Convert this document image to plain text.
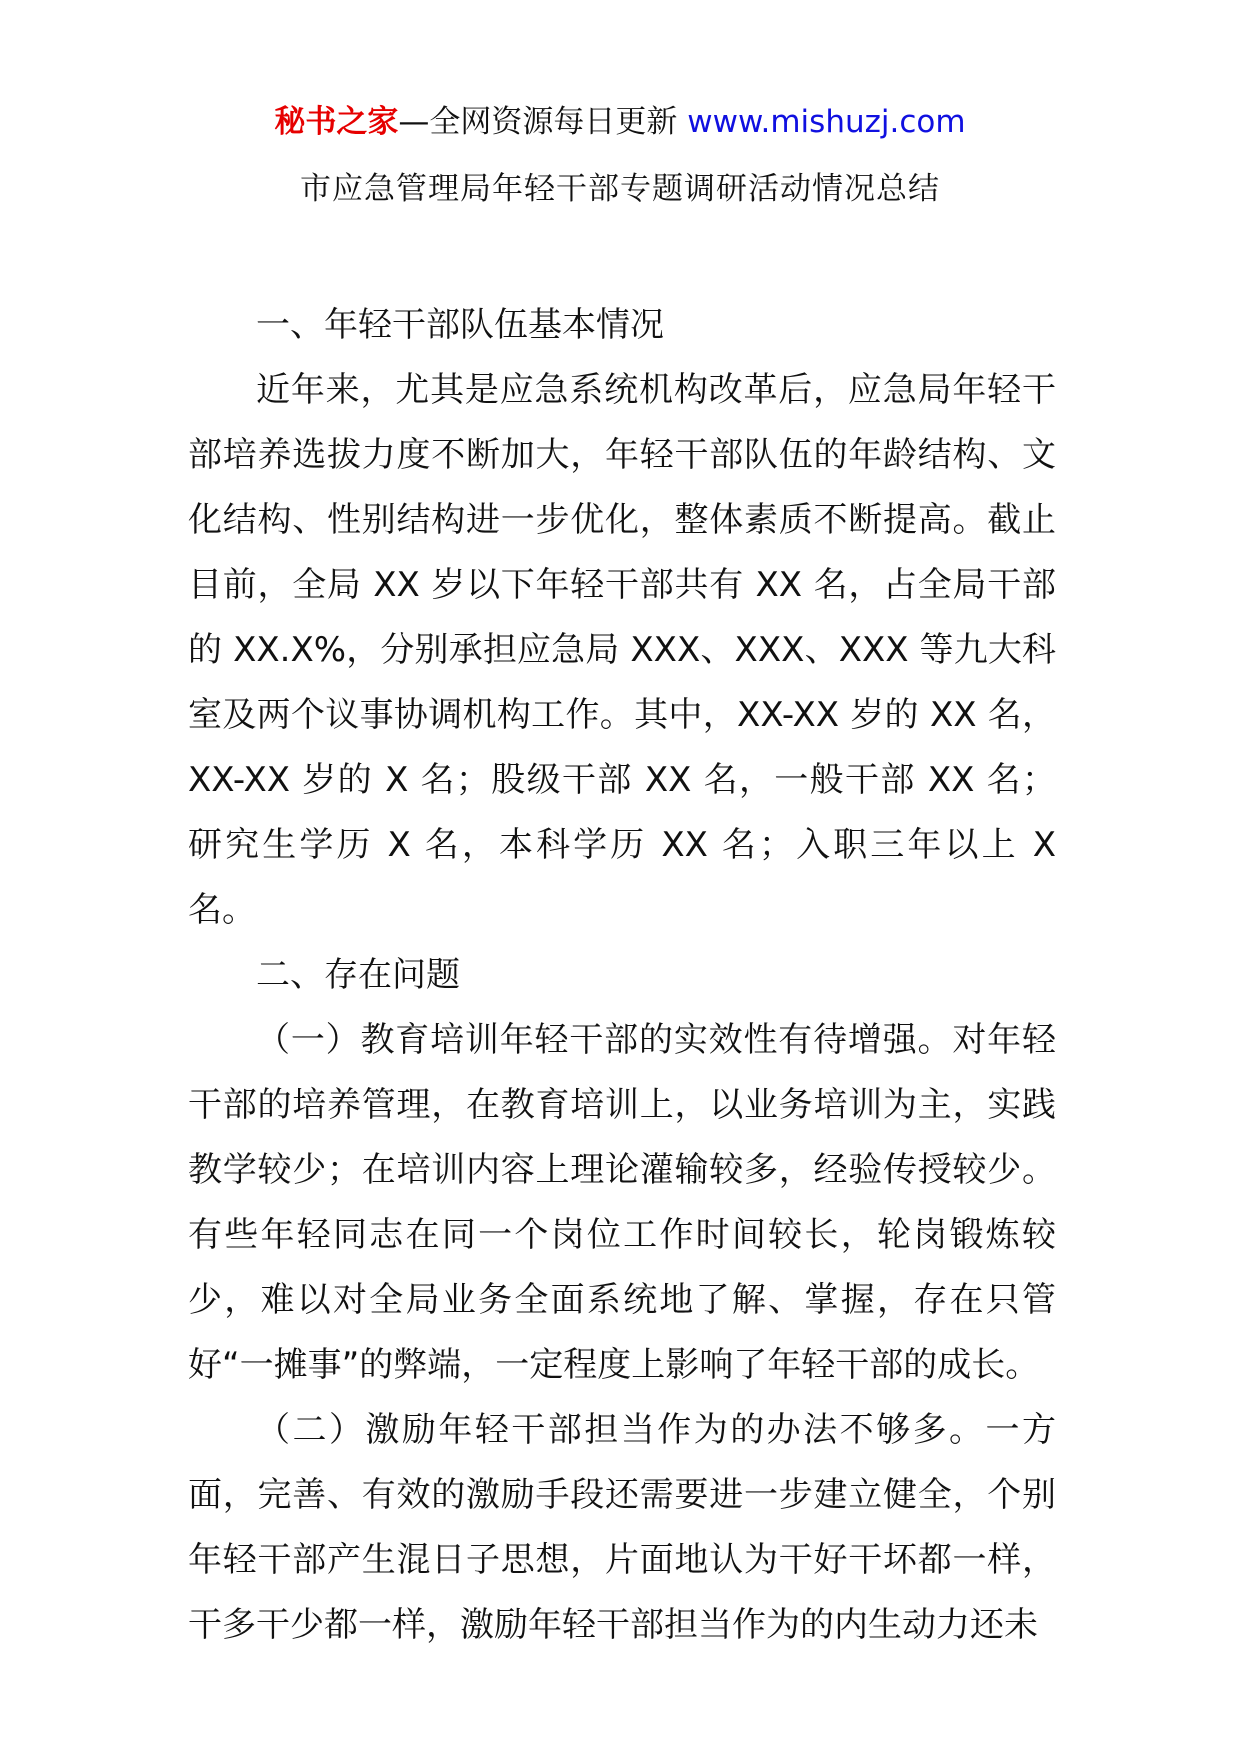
秘书之家—全网资源每日更新 www.mishuzj.com
市应急管理局年轻干部专题调研活动情况总结

一、年轻干部队伍基本情况

近年来，尤其是应急系统机构改革后，应急局年轻干部培养选拔力度不断加大，年轻干部队伍的年龄结构、文化结构、性别结构进一步优化，整体素质不断提高。截止目前，全局 XX 岁以下年轻干部共有 XX 名，占全局干部的 XX.X%，分别承担应急局 XXX、XXX、XXX 等九大科室及两个议事协调机构工作。其中，XX-XX 岁的 XX 名，XX-XX 岁的 X 名；股级干部 XX 名，一般干部 XX 名；研究生学历 X 名，本科学历 XX 名；入职三年以上 X 名。

二、存在问题

（一）教育培训年轻干部的实效性有待增强。对年轻干部的培养管理，在教育培训上，以业务培训为主，实践教学较少；在培训内容上理论灌输较多，经验传授较少。有些年轻同志在同一个岗位工作时间较长，轮岗锻炼较少，难以对全局业务全面系统地了解、掌握，存在只管好“一摊事”的弊端，一定程度上影响了年轻干部的成长。

（二）激励年轻干部担当作为的办法不够多。一方面，完善、有效的激励手段还需要进一步建立健全，个别年轻干部产生混日子思想，片面地认为干好干坏都一样，干多干少都一样，激励年轻干部担当作为的内生动力还未
